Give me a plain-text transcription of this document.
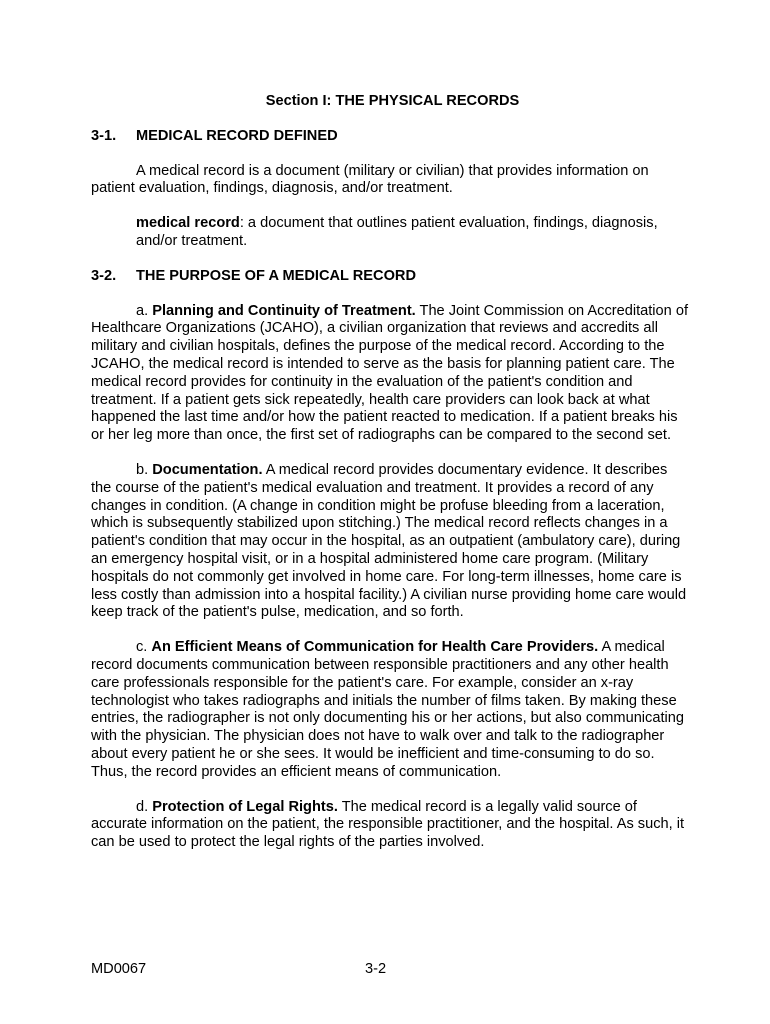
Section I: THE PHYSICAL RECORDS

3-1.	MEDICAL RECORD DEFINED

A medical record is a document (military or civilian) that provides information on patient evaluation, findings, diagnosis, and/or treatment.

medical record: a document that outlines patient evaluation, findings, diagnosis, and/or treatment.

3-2.	THE PURPOSE OF A MEDICAL RECORD

a. Planning and Continuity of Treatment. The Joint Commission on Accreditation of Healthcare Organizations (JCAHO), a civilian organization that reviews and accredits all military and civilian hospitals, defines the purpose of the medical record. According to the JCAHO, the medical record is intended to serve as the basis for planning patient care. The medical record provides for continuity in the evaluation of the patient's condition and treatment. If a patient gets sick repeatedly, health care providers can look back at what happened the last time and/or how the patient reacted to medication. If a patient breaks his or her leg more than once, the first set of radiographs can be compared to the second set.

b. Documentation. A medical record provides documentary evidence. It describes the course of the patient's medical evaluation and treatment. It provides a record of any changes in condition. (A change in condition might be profuse bleeding from a laceration, which is subsequently stabilized upon stitching.) The medical record reflects changes in a patient's condition that may occur in the hospital, as an outpatient (ambulatory care), during an emergency hospital visit, or in a hospital administered home care program. (Military hospitals do not commonly get involved in home care. For long-term illnesses, home care is less costly than admission into a hospital facility.) A civilian nurse providing home care would keep track of the patient's pulse, medication, and so forth.

c. An Efficient Means of Communication for Health Care Providers. A medical record documents communication between responsible practitioners and any other health care professionals responsible for the patient's care. For example, consider an x-ray technologist who takes radiographs and initials the number of films taken. By making these entries, the radiographer is not only documenting his or her actions, but also communicating with the physician. The physician does not have to walk over and talk to the radiographer about every patient he or she sees. It would be inefficient and time-consuming to do so. Thus, the record provides an efficient means of communication.

d. Protection of Legal Rights. The medical record is a legally valid source of accurate information on the patient, the responsible practitioner, and the hospital. As such, it can be used to protect the legal rights of the parties involved.

MD0067	3-2
